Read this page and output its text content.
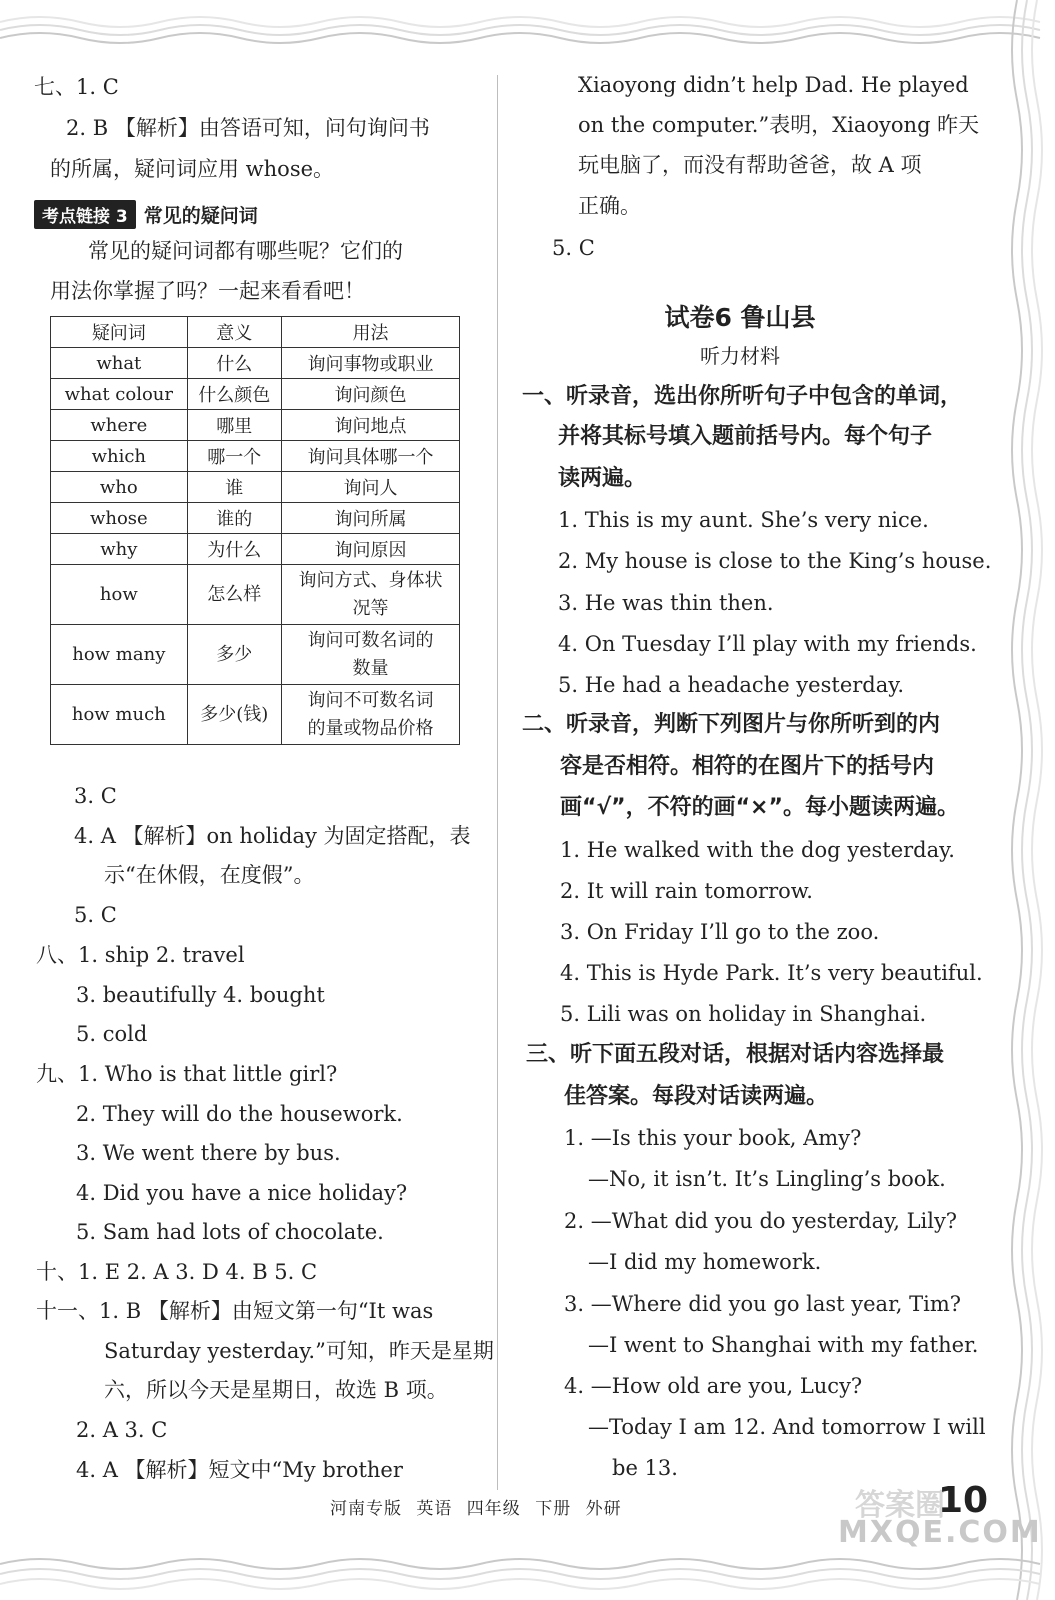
七、1. C
2. B 【解析】由答语可知，问句询问书
的所属，疑问词应用 whose。
考点链接 3 常见的疑问词
常见的疑问词都有哪些呢？它们的
用法你掌握了吗？一起来看看吧！
疑问词	意义	用法
what	什么	询问事物或职业
what colour	什么颜色	询问颜色
where	哪里	询问地点
which	哪一个	询问具体哪一个
who	谁	询问人
whose	谁的	询问所属
why	为什么	询问原因
how	怎么样	询问方式、身体状
况等

how many	多少	询问可数名词的
数量

how much	多少(钱)	询问不可数名词
的量或物品价格
3. C
4. A 【解析】on holiday 为固定搭配，表
示“在休假，在度假”。
5. C
八、1. ship 2. travel
3. beautifully 4. bought
5. cold
九、1. Who is that little girl?
2. They will do the housework.
3. We went there by bus.
4. Did you have a nice holiday?
5. Sam had lots of chocolate.
十、1. E 2. A 3. D 4. B 5. C
十一、1. B 【解析】由短文第一句“It was
Saturday yesterday.”可知，昨天是星期
六，所以今天是星期日，故选 B 项。
2. A 3. C
4. A 【解析】短文中“My brother
Xiaoyong didn’t help Dad. He played
on the computer.”表明，Xiaoyong 昨天
玩电脑了，而没有帮助爸爸，故 A 项
正确。
5. C
试卷6 鲁山县
听力材料
一、听录音，选出你所听句子中包含的单词，
并将其标号填入题前括号内。每个句子
读两遍。
1. This is my aunt. She’s very nice.
2. My house is close to the King’s house.
3. He was thin then.
4. On Tuesday I’ll play with my friends.
5. He had a headache yesterday.
二、听录音，判断下列图片与你所听到的内
容是否相符。相符的在图片下的括号内
画“√”，不符的画“×”。每小题读两遍。
1. He walked with the dog yesterday.
2. It will rain tomorrow.
3. On Friday I’ll go to the zoo.
4. This is Hyde Park. It’s very beautiful.
5. Lili was on holiday in Shanghai.
三、听下面五段对话，根据对话内容选择最
佳答案。每段对话读两遍。
1. —Is this your book, Amy?
—No, it isn’t. It’s Lingling’s book.
2. —What did you do yesterday, Lily?
—I did my homework.
3. —Where did you go last year, Tim?
—I went to Shanghai with my father.
4. —How old are you, Lucy?
—Today I am 12. And tomorrow I will
be 13.
河南专版 英语 四年级 下册 外研	答案圈
10
MXQE.COM
